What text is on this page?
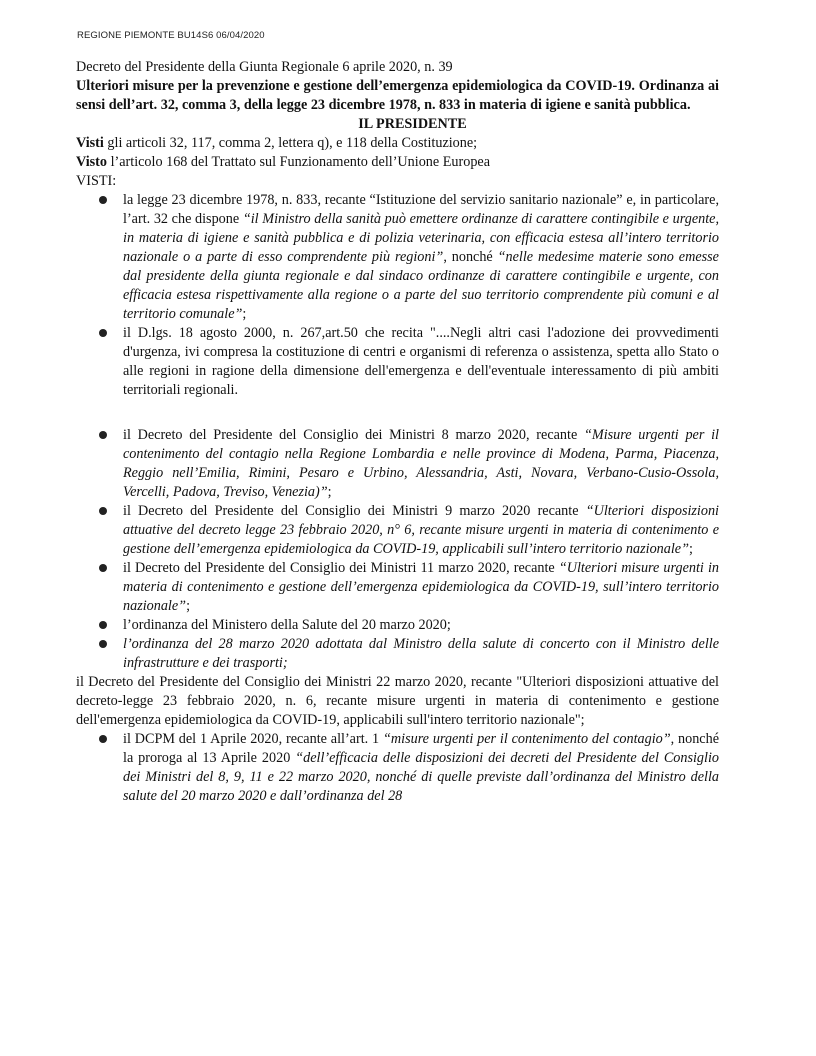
REGIONE PIEMONTE BU14S6 06/04/2020

Decreto del Presidente della Giunta Regionale 6 aprile 2020, n. 39

Ulteriori misure per la prevenzione e gestione dell’emergenza epidemiologica da COVID-19. Ordinanza ai sensi dell’art. 32, comma 3, della legge 23 dicembre 1978, n. 833 in materia di igiene e sanità pubblica.

IL PRESIDENTE

Visti gli articoli 32, 117, comma 2, lettera q), e 118 della Costituzione;

Visto l’articolo 168 del Trattato sul Funzionamento dell’Unione Europea

VISTI:

la legge 23 dicembre 1978, n. 833, recante “Istituzione del servizio sanitario nazionale” e, in particolare, l’art. 32 che dispone “il Ministro della sanità può emettere ordinanze di carattere contingibile e urgente, in materia di igiene e sanità pubblica e di polizia veterinaria, con efficacia estesa all’intero territorio nazionale o a parte di esso comprendente più regioni”, nonché “nelle medesime materie sono emesse dal presidente della giunta regionale e dal sindaco ordinanze di carattere contingibile e urgente, con efficacia estesa rispettivamente alla regione o a parte del suo territorio comprendente più comuni e al territorio comunale”;
il D.lgs. 18 agosto 2000, n. 267,art.50 che recita "....Negli altri casi l'adozione dei provvedimenti d'urgenza, ivi compresa la costituzione di centri e organismi di referenza o assistenza, spetta allo Stato o alle regioni in ragione della dimensione dell'emergenza e dell'eventuale interessamento di più ambiti territoriali regionali.
il Decreto del Presidente del Consiglio dei Ministri 8 marzo 2020, recante “Misure urgenti per il contenimento del contagio nella Regione Lombardia e nelle province di Modena, Parma, Piacenza, Reggio nell’Emilia, Rimini, Pesaro e Urbino, Alessandria, Asti, Novara, Verbano-Cusio-Ossola, Vercelli, Padova, Treviso, Venezia)”;
il Decreto del Presidente del Consiglio dei Ministri 9 marzo 2020 recante “Ulteriori disposizioni attuative del decreto legge 23 febbraio 2020, n° 6, recante misure urgenti in materia di contenimento e gestione dell’emergenza epidemiologica da COVID-19, applicabili sull’intero territorio nazionale”;
il Decreto del Presidente del Consiglio dei Ministri 11 marzo 2020, recante “Ulteriori misure urgenti in materia di contenimento e gestione dell’emergenza epidemiologica da COVID-19, sull’intero territorio nazionale”;
l’ordinanza del Ministero della Salute del 20 marzo 2020;
l’ordinanza del 28 marzo 2020 adottata dal Ministro della salute di concerto con il Ministro delle infrastrutture e dei trasporti;

il Decreto del Presidente del Consiglio dei Ministri 22 marzo 2020, recante "Ulteriori disposizioni attuative del decreto-legge 23 febbraio 2020, n. 6, recante misure urgenti in materia di contenimento e gestione dell'emergenza epidemiologica da COVID-19, applicabili sull'intero territorio nazionale";

il DCPM del 1 Aprile 2020, recante all’art. 1 “misure urgenti per il contenimento del contagio”, nonché la proroga al 13 Aprile 2020 “dell’efficacia delle disposizioni dei decreti del Presidente del Consiglio dei Ministri del 8, 9, 11 e 22 marzo 2020, nonché di quelle previste dall’ordinanza del Ministro della salute del 20 marzo 2020 e dall’ordinanza del 28
